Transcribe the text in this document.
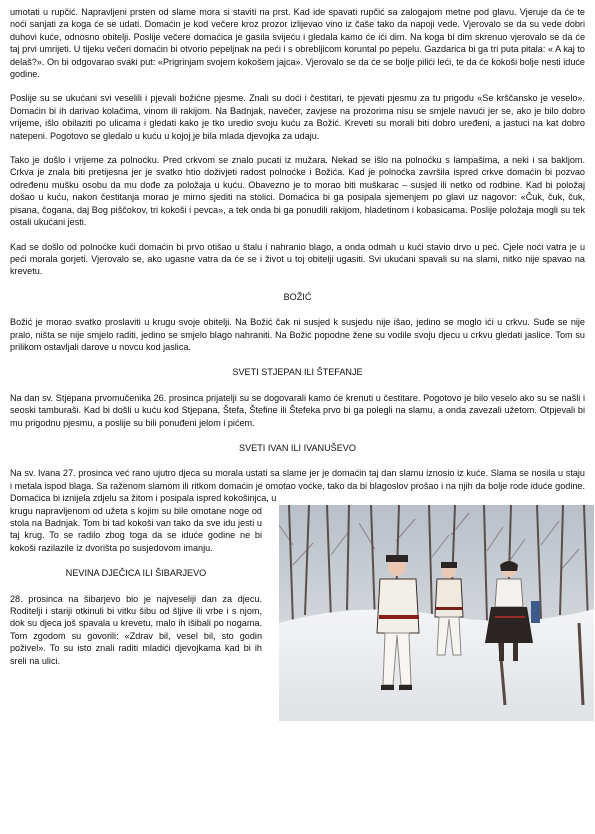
umotati u rupčić. Napravljeni prsten od slame mora si staviti na prst. Kad ide spavati rupčić sa zalogajom metne pod glavu. Vjeruje da će te noći sanjati za koga će se udati. Domaćin je kod večere kroz prozor izlijevao vino iz čaše tako da napoji vede. Vjerovalo se da su vede dobri duhovi kuće, odnosno obitelji. Poslije večere domaćica je gasila svijeću i gledala kamo će ići dim. Na koga bi dim skrenuo vjerovalo se da će taj prvi umrijeti. U tijeku večeri domaćin bi otvorio pepeljnak na peći i s obrebljicom koruntal po pepelu. Gazdarica bi ga tri puta pitala: « A kaj to delaš?». On bi odgovarao svaki put: «Prigrinjam svojem kokošem jajca». Vjerovalo se da će se bolje pilići leći, te da će kokoši bolje nesti iduće godine.

Poslije su se ukućani svi veselili i pjevali božićne pjesme. Znali su doći i čestitari, te pjevati pjesmu za tu prigodu «Se krščansko je veselo». Domaćin bi ih darivao kolačima, vinom ili rakijom. Na Badnjak, navečer, zavjese na prozorima nisu se smjele navući jer se, ako je bilo dobro vrijeme, išlo obilaziti po ulicama i gledati kako je tko uredio svoju kuću za Božić. Kreveti su morali biti dobro uređeni, a jastuci na kat dobro natepeni. Pogotovo se gledalo u kuću u kojoj je bila mlada djevojka za udaju.

Tako je došlo i vrijeme za polnoćku. Pred crkvom se znalo pucati iz mužara. Nekad se išlo na polnoćku s lampašima, a neki i sa bakljom. Crkva je znala biti pretijesna jer je svatko htio doživjeti radost polnoćke i Božića. Kad je polnoćka završila ispred crkve domaćin bi pozvao određenu mušku osobu da mu dođe za položaja u kuću. Obavezno je to morao biti muškarac – susjed ili netko od rodbine. Kad bi položaj došao u kuću, nakon čestitanja morao je mirno sjediti na stolici. Domaćica bi ga posipala sjemenjem po glavi uz nagovor: «Čuk, čuk, čuk, pisana, čogana, daj Bog piščokov, tri kokoši i pevca», a tek onda bi ga ponudili rakijom, hladetinom i kobasicama. Poslije položaja mogli su tek ostali ukućani jesti.

Kad se došlo od polnoćke kući domaćin bi prvo otišao u štalu i nahranio blago, a onda odmah u kući stavio drvo u peć. Cjele noći vatra je u peći morala gorjeti. Vjerovalo se, ako ugasne vatra da će se i život u toj obitelji ugasiti. Svi ukućani spavali su na slami, nitko nije spavao na krevetu.

BOŽIĆ

Božić je morao svatko proslaviti u krugu svoje obitelji. Na Božić čak ni susjed k susjedu nije išao, jedino se moglo ići u crkvu. Suđe se nije pralo, ništa se nije smjelo raditi, jedino se smjelo blago nahraniti. Na Božić popodne žene su vodile svoju djecu u crkvu gledati jaslice. Tom su prilikom ostavljali darove u novcu kod jaslica.

SVETI STJEPAN ILI ŠTEFANJE

Na dan sv. Stjepana prvomučenika 26. prosinca prijatelji su se dogovarali kamo će krenuti u čestitare. Pogotovo je bilo veselo ako su se našli i seoski tamburaši. Kad bi došli u kuću kod Stjepana, Štefa, Štefine ili Štefeka prvo bi ga polegli na slamu, a onda zavezali užetom. Otpjevali bi mu prigodnu pjesmu, a poslije su bili ponuđeni jelom i pićem.

SVETI IVAN ILI IVANUŠEVO

Na sv. Ivana 27. prosinca već rano ujutro djeca su morala ustati sa slame jer je domaćin taj dan slamu iznosio iz kuće. Slama se nosila u staju i metala ispod blaga. Sa raženom slamom ili ritkom domaćin je omotao voćke, tako da bi blagoslov prošao i na njih da bolje rode iduće godine. Domaćica bi iznijela zdjelu sa žitom i posipala ispred kokošinjca, u

krugu napravljenom od užeta s kojim su bile omotane noge od stola na Badnjak. Tom bi tad kokoši van tako da sve idu jesti u taj krug. To se radilo zbog toga da se iduće godine ne bi kokoši razilazile iz dvorišta po susjedovom imanju.

NEVINA DJEČICA ILI ŠIBARJEVO

28. prosinca na šibarjevo bio je najveseliji dan za djecu. Roditelji i stariji otkinuli bi vitku šibu od šljive ili vrbe i s njom, dok su djeca još spavala u krevetu, malo ih išibali po nogama. Tom zgodom su govorili: «Zdrav bil, vesel bil, sto godin poživel». To su isto znali raditi mladići djevojkama kad bi ih sreli na ulici.
